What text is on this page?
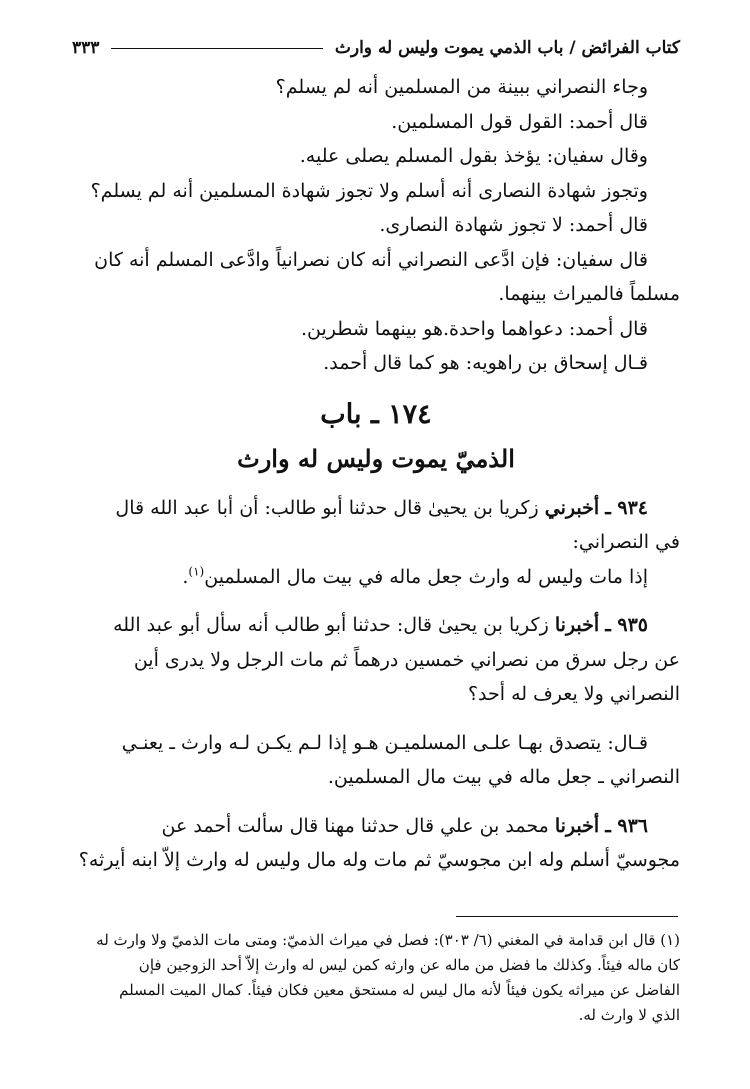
كتاب الفرائض / باب الذمي يموت وليس له وارث
٣٣٣
وجاء النصراني ببينة من المسلمين أنه لم يسلم؟
قال أحمد: القول قول المسلمين.
وقال سفيان: يؤخذ بقول المسلم يصلى عليه.
وتجوز شهادة النصارى أنه أسلم ولا تجوز شهادة المسلمين أنه لم يسلم؟
قال أحمد: لا تجوز شهادة النصارى.
قال سفيان: فإن ادَّعى النصراني أنه كان نصرانياً وادَّعى المسلم أنه كان
مسلماً فالميراث بينهما.
قال أحمد: دعواهما واحدة.هو بينهما شطرين.
قـال إسحاق بن راهويه: هو كما قال أحمد.
١٧٤ ـ باب
الذميّ يموت وليس له وارث
٩٣٤ ـ أخبرني زكريا بن يحيىٰ قال حدثنا أبو طالب: أن أبا عبد الله قال
في النصراني:
إذا مات وليس له وارث جعل ماله في بيت مال المسلمين$^{(١)}$.
٩٣٥ ـ أخبرنا زكريا بن يحيىٰ قال: حدثنا أبو طالب أنه سأل أبو عبد الله
عن رجل سرق من نصراني خمسين درهماً ثم مات الرجل ولا يدرى أين
النصراني ولا يعرف له أحد؟
قـال: يتصدق بهـا علـى المسلميـن هـو إذا لـم يكـن لـه وارث ـ يعنـي
النصراني ـ جعل ماله في بيت مال المسلمين.
٩٣٦ ـ أخبرنا محمد بن علي قال حدثنا مهنا قال سألت أحمد عن
مجوسيّ أسلم وله ابن مجوسيّ ثم مات وله مال وليس له وارث إلاّ ابنه أيرثه؟
(١) قال ابن قدامة في المغني (٦/ ٣٠٣): فصل في ميراث الذميّ: ومتى مات الذميّ ولا وارث له
كان ماله فيئاً. وكذلك ما فضل من ماله عن وارثه كمن ليس له وارث إلاّ أحد الزوجين فإن
الفاضل عن ميراثه يكون فيئاً لأنه مال ليس له مستحق معين فكان فيئاً. كمال الميت المسلم
الذي لا وارث له.
